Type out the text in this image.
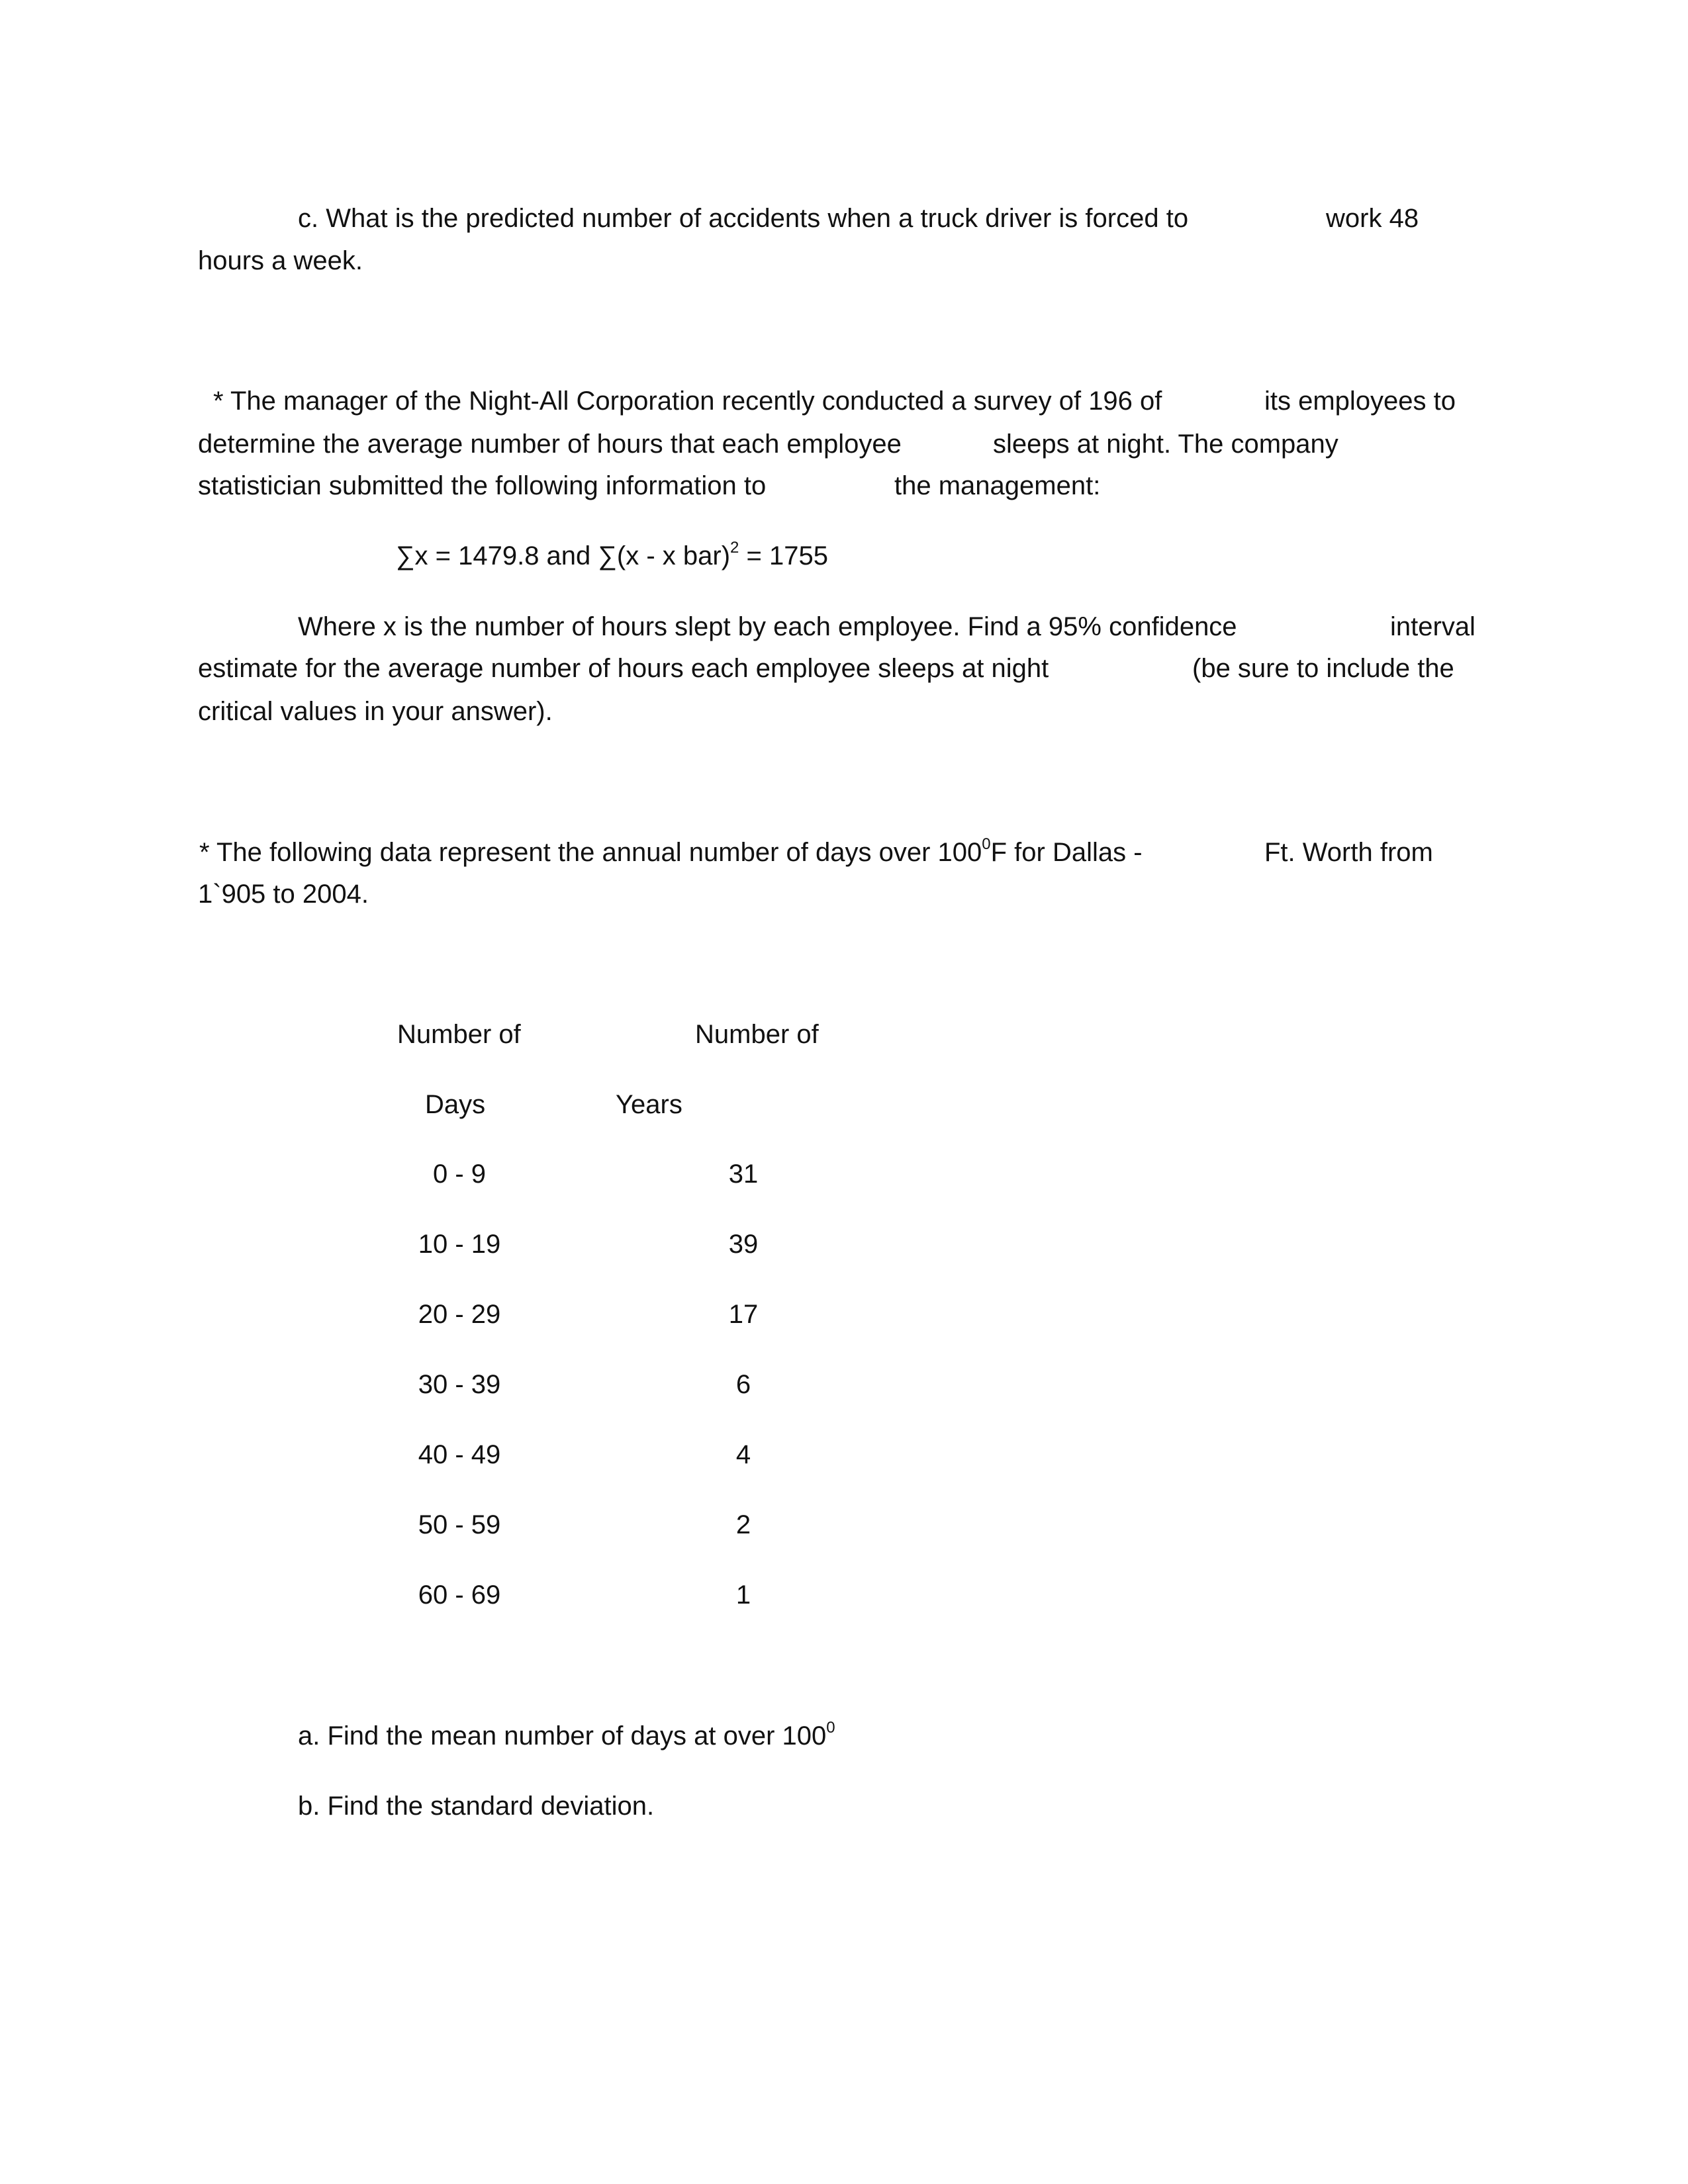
c. What is the predicted number of accidents when a truck driver is forced to	work 48
hours a week.
* The manager of the Night-All Corporation recently conducted a survey of 196 of	its employees to
determine the average number of hours that each employee	sleeps at night. The company
statistician submitted the following information to	the management:
∑x = 1479.8 and ∑(x - x bar)$^2$ = 1755
Where x is the number of hours slept by each employee. Find a 95% confidence	interval
estimate for the average number of hours each employee sleeps at night	(be sure to include the
critical values in your answer).
* The following data represent the annual number of days over $100^0F$ for Dallas -	Ft. Worth from
1`905 to 2004.
Number of	Number of
Days	Years
0 - 9	31
10 - 19	39
20 - 29	17
30 - 39	6
40 - 49	4
50 - 59	2
60 - 69	1
a. Find the mean number of days at over $100^0$
b. Find the standard deviation.
